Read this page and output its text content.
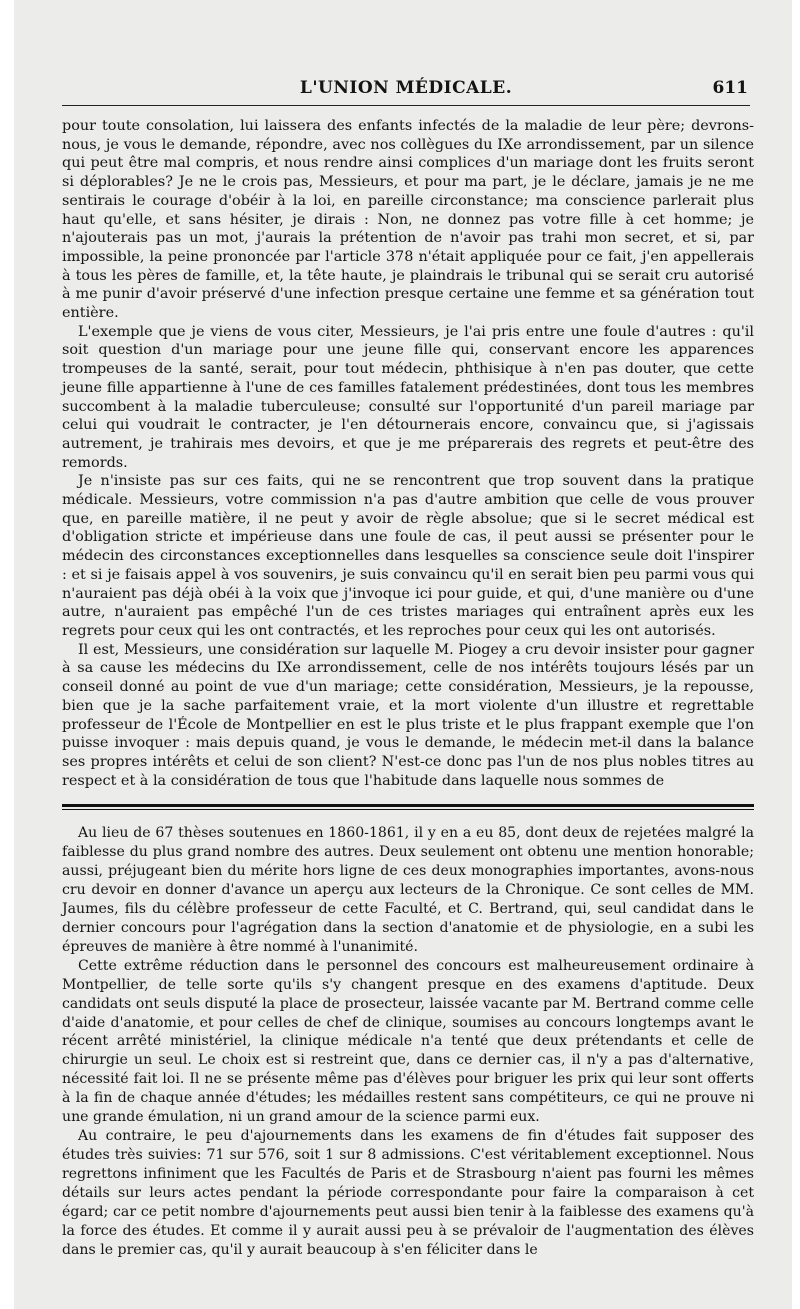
L'UNION MÉDICALE.	611

pour toute consolation, lui laissera des enfants infectés de la maladie de leur père; devrons-nous, je vous le demande, répondre, avec nos collègues du IXe arrondissement, par un silence qui peut être mal compris, et nous rendre ainsi complices d'un mariage dont les fruits seront si déplorables? Je ne le crois pas, Messieurs, et pour ma part, je le déclare, jamais je ne me sentirais le courage d'obéir à la loi, en pareille circonstance; ma conscience parlerait plus haut qu'elle, et sans hésiter, je dirais : Non, ne donnez pas votre fille à cet homme; je n'ajouterais pas un mot, j'aurais la prétention de n'avoir pas trahi mon secret, et si, par impossible, la peine prononcée par l'article 378 n'était appliquée pour ce fait, j'en appellerais à tous les pères de famille, et, la tête haute, je plaindrais le tribunal qui se serait cru autorisé à me punir d'avoir préservé d'une infection presque certaine une femme et sa génération tout entière.

L'exemple que je viens de vous citer, Messieurs, je l'ai pris entre une foule d'autres : qu'il soit question d'un mariage pour une jeune fille qui, conservant encore les apparences trompeuses de la santé, serait, pour tout médecin, phthisique à n'en pas douter, que cette jeune fille appartienne à l'une de ces familles fatalement prédestinées, dont tous les membres succombent à la maladie tuberculeuse; consulté sur l'opportunité d'un pareil mariage par celui qui voudrait le contracter, je l'en détournerais encore, convaincu que, si j'agissais autrement, je trahirais mes devoirs, et que je me préparerais des regrets et peut-être des remords.

Je n'insiste pas sur ces faits, qui ne se rencontrent que trop souvent dans la pratique médicale. Messieurs, votre commission n'a pas d'autre ambition que celle de vous prouver que, en pareille matière, il ne peut y avoir de règle absolue; que si le secret médical est d'obligation stricte et impérieuse dans une foule de cas, il peut aussi se présenter pour le médecin des circonstances exceptionnelles dans lesquelles sa conscience seule doit l'inspirer : et si je faisais appel à vos souvenirs, je suis convaincu qu'il en serait bien peu parmi vous qui n'auraient pas déjà obéi à la voix que j'invoque ici pour guide, et qui, d'une manière ou d'une autre, n'auraient pas empêché l'un de ces tristes mariages qui entraînent après eux les regrets pour ceux qui les ont contractés, et les reproches pour ceux qui les ont autorisés.

Il est, Messieurs, une considération sur laquelle M. Piogey a cru devoir insister pour gagner à sa cause les médecins du IXe arrondissement, celle de nos intérêts toujours lésés par un conseil donné au point de vue d'un mariage; cette considération, Messieurs, je la repousse, bien que je la sache parfaitement vraie, et la mort violente d'un illustre et regrettable professeur de l'École de Montpellier en est le plus triste et le plus frappant exemple que l'on puisse invoquer : mais depuis quand, je vous le demande, le médecin met-il dans la balance ses propres intérêts et celui de son client? N'est-ce donc pas l'un de nos plus nobles titres au respect et à la considération de tous que l'habitude dans laquelle nous sommes de

Au lieu de 67 thèses soutenues en 1860-1861, il y en a eu 85, dont deux de rejetées malgré la faiblesse du plus grand nombre des autres. Deux seulement ont obtenu une mention honorable; aussi, préjugeant bien du mérite hors ligne de ces deux monographies importantes, avons-nous cru devoir en donner d'avance un aperçu aux lecteurs de la Chronique. Ce sont celles de MM. Jaumes, fils du célèbre professeur de cette Faculté, et C. Bertrand, qui, seul candidat dans le dernier concours pour l'agrégation dans la section d'anatomie et de physiologie, en a subi les épreuves de manière à être nommé à l'unanimité.

Cette extrême réduction dans le personnel des concours est malheureusement ordinaire à Montpellier, de telle sorte qu'ils s'y changent presque en des examens d'aptitude. Deux candidats ont seuls disputé la place de prosecteur, laissée vacante par M. Bertrand comme celle d'aide d'anatomie, et pour celles de chef de clinique, soumises au concours longtemps avant le récent arrêté ministériel, la clinique médicale n'a tenté que deux prétendants et celle de chirurgie un seul. Le choix est si restreint que, dans ce dernier cas, il n'y a pas d'alternative, nécessité fait loi. Il ne se présente même pas d'élèves pour briguer les prix qui leur sont offerts à la fin de chaque année d'études; les médailles restent sans compétiteurs, ce qui ne prouve ni une grande émulation, ni un grand amour de la science parmi eux.

Au contraire, le peu d'ajournements dans les examens de fin d'études fait supposer des études très suivies: 71 sur 576, soit 1 sur 8 admissions. C'est véritablement exceptionnel. Nous regrettons infiniment que les Facultés de Paris et de Strasbourg n'aient pas fourni les mêmes détails sur leurs actes pendant la période correspondante pour faire la comparaison à cet égard; car ce petit nombre d'ajournements peut aussi bien tenir à la faiblesse des examens qu'à la force des études. Et comme il y aurait aussi peu à se prévaloir de l'augmentation des élèves dans le premier cas, qu'il y aurait beaucoup à s'en féliciter dans le
